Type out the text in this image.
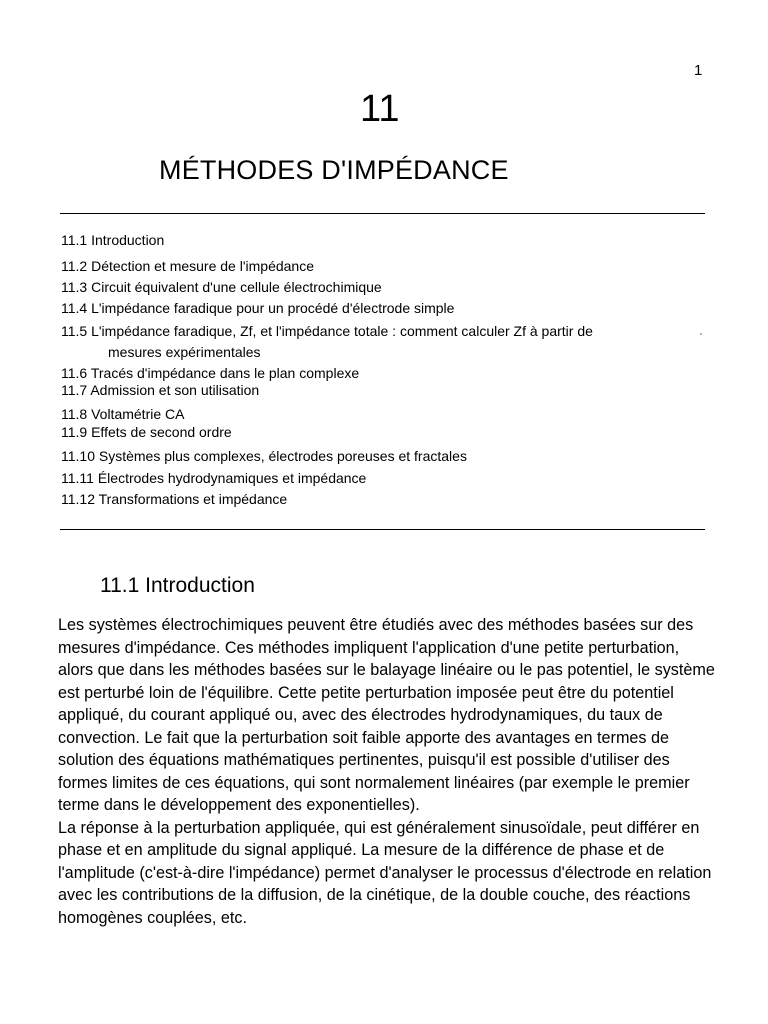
1
11
MÉTHODES D'IMPÉDANCE
11.1 Introduction
11.2 Détection et mesure de l'impédance
11.3 Circuit équivalent d'une cellule électrochimique
11.4 L'impédance faradique pour un procédé d'électrode simple
11.5 L'impédance faradique, Zf, et l'impédance totale : comment calculer Zf à partir de
mesures expérimentales
11.6 Tracés d'impédance dans le plan complexe
11.7 Admission et son utilisation
11.8 Voltamétrie CA
11.9 Effets de second ordre
11.10 Systèmes plus complexes, électrodes poreuses et fractales
11.11 Électrodes hydrodynamiques et impédance
11.12 Transformations et impédance
11.1 Introduction

Les systèmes électrochimiques peuvent être étudiés avec des méthodes basées sur des mesures d'impédance. Ces méthodes impliquent l'application d'une petite perturbation, alors que dans les méthodes basées sur le balayage linéaire ou le pas potentiel, le système est perturbé loin de l'équilibre. Cette petite perturbation imposée peut être du potentiel appliqué, du courant appliqué ou, avec des électrodes hydrodynamiques, du taux de convection. Le fait que la perturbation soit faible apporte des avantages en termes de solution des équations mathématiques pertinentes, puisqu'il est possible d'utiliser des formes limites de ces équations, qui sont normalement linéaires (par exemple le premier terme dans le développement des exponentielles).

La réponse à la perturbation appliquée, qui est généralement sinusoïdale, peut différer en phase et en amplitude du signal appliqué. La mesure de la différence de phase et de l'amplitude (c'est-à-dire l'impédance) permet d'analyser le processus d'électrode en relation avec les contributions de la diffusion, de la cinétique, de la double couche, des réactions homogènes couplées, etc.
